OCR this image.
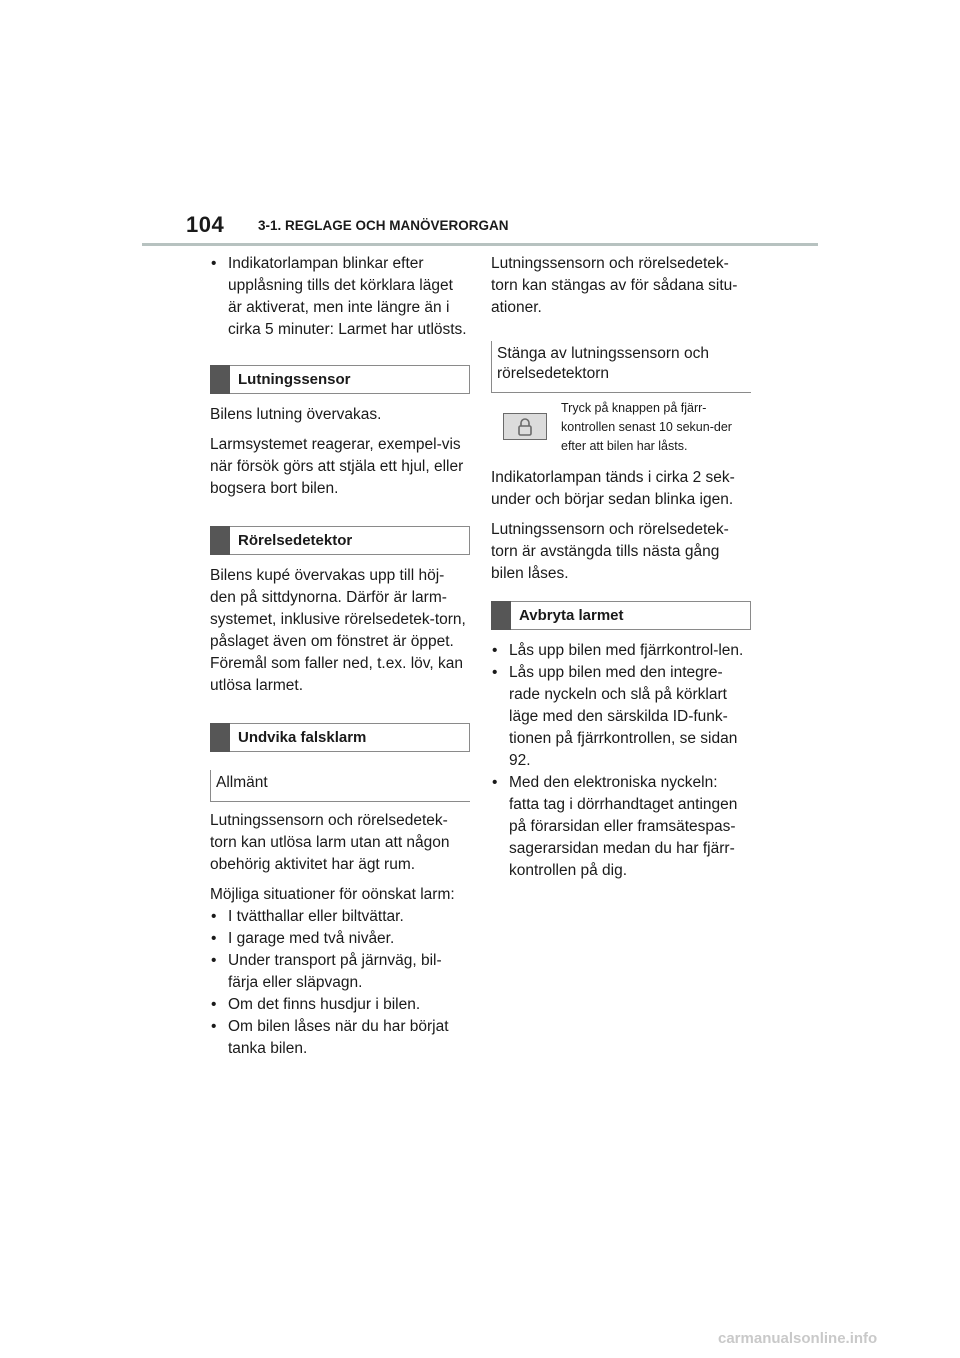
104	3-1. REGLAGE OCH MANÖVERORGAN
• Indikatorlampan blinkar efter upplåsning tills det körklara läget är aktiverat, men inte längre än i cirka 5 minuter: Larmet har utlösts.
Lutningssensor

Bilens lutning övervakas.

Larmsystemet reagerar, exempel-vis när försök görs att stjäla ett hjul, eller bogsera bort bilen.

Rörelsedetektor

Bilens kupé övervakas upp till höj-den på sittdynorna. Därför är larm-systemet, inklusive rörelsedetek-torn, påslaget även om fönstret är öppet. Föremål som faller ned, t.ex. löv, kan utlösa larmet.

Undvika falsklarm
Allmänt

Lutningssensorn och rörelsedetek-torn kan utlösa larm utan att någon obehörig aktivitet har ägt rum.

Möjliga situationer för oönskat larm:

• I tvätthallar eller biltvättar.
• I garage med två nivåer.
• Under transport på järnväg, bil-färja eller släpvagn.
• Om det finns husdjur i bilen.
• Om bilen låses när du har börjat tanka bilen.

Lutningssensorn och rörelsedetek-torn kan stängas av för sådana situ-ationer.

Stänga av lutningssensorn och rörelsedetektorn
Tryck på knappen på fjärr-kontrollen senast 10 sekun-der efter att bilen har låsts.

Indikatorlampan tänds i cirka 2 sek-under och börjar sedan blinka igen.

Lutningssensorn och rörelsedetek-torn är avstängda tills nästa gång bilen låses.

Avbryta larmet
• Lås upp bilen med fjärrkontrol-len.
• Lås upp bilen med den integre-rade nyckeln och slå på körklart läge med den särskilda ID-funk-tionen på fjärrkontrollen, se sidan 92.
• Med den elektroniska nyckeln: fatta tag i dörrhandtaget antingen på förarsidan eller framsätespas-sagerarsidan medan du har fjärr-kontrollen på dig.
carmanualsonline.info
